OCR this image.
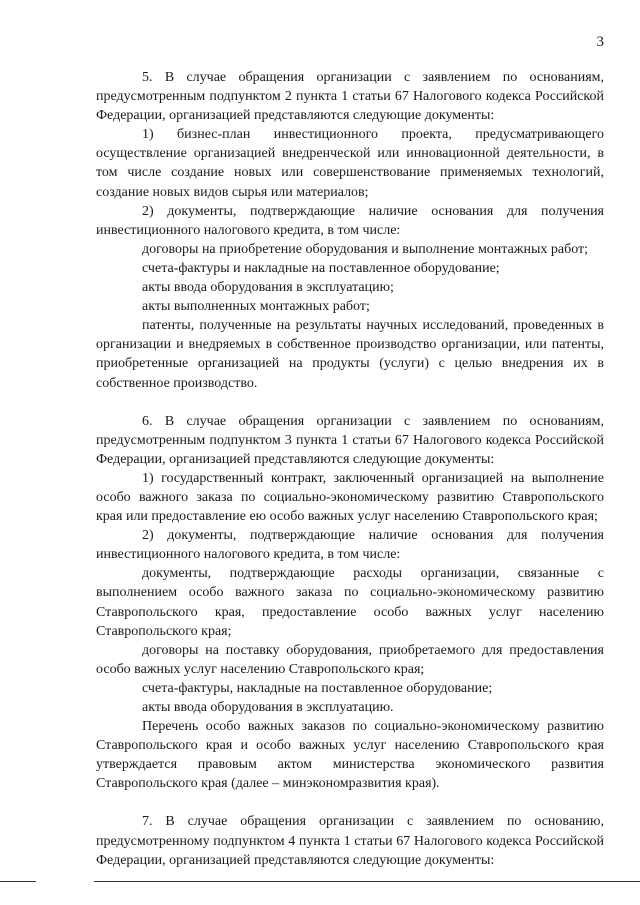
3

5. В случае обращения организации с заявлением по основаниям, предусмотренным подпунктом 2 пункта 1 статьи 67 Налогового кодекса Российской Федерации, организацией представляются следующие документы:

1) бизнес-план инвестиционного проекта, предусматривающего осуществление организацией внедренческой или инновационной деятельности, в том числе создание новых или совершенствование применяемых технологий, создание новых видов сырья или материалов;

2) документы, подтверждающие наличие основания для получения инвестиционного налогового кредита, в том числе:

договоры на приобретение оборудования и выполнение монтажных работ;

счета-фактуры и накладные на поставленное оборудование;

акты ввода оборудования в эксплуатацию;

акты выполненных монтажных работ;

патенты, полученные на результаты научных исследований, проведенных в организации и внедряемых в собственное производство организации, или патенты, приобретенные организацией на продукты (услуги) с целью внедрения их в собственное производство.

6. В случае обращения организации с заявлением по основаниям, предусмотренным подпунктом 3 пункта 1 статьи 67 Налогового кодекса Российской Федерации, организацией представляются следующие документы:

1) государственный контракт, заключенный организацией на выполнение особо важного заказа по социально-экономическому развитию Ставропольского края или предоставление ею особо важных услуг населению Ставропольского края;

2) документы, подтверждающие наличие основания для получения инвестиционного налогового кредита, в том числе:

документы, подтверждающие расходы организации, связанные с выполнением особо важного заказа по социально-экономическому развитию Ставропольского края, предоставление особо важных услуг населению Ставропольского края;

договоры на поставку оборудования, приобретаемого для предоставления особо важных услуг населению Ставропольского края;

счета-фактуры, накладные на поставленное оборудование;

акты ввода оборудования в эксплуатацию.

Перечень особо важных заказов по социально-экономическому развитию Ставропольского края и особо важных услуг населению Ставропольского края утверждается правовым актом министерства экономического развития Ставропольского края (далее – минэкономразвития края).

7. В случае обращения организации с заявлением по основанию, предусмотренному подпунктом 4 пункта 1 статьи 67 Налогового кодекса Российской Федерации, организацией представляются следующие документы:
